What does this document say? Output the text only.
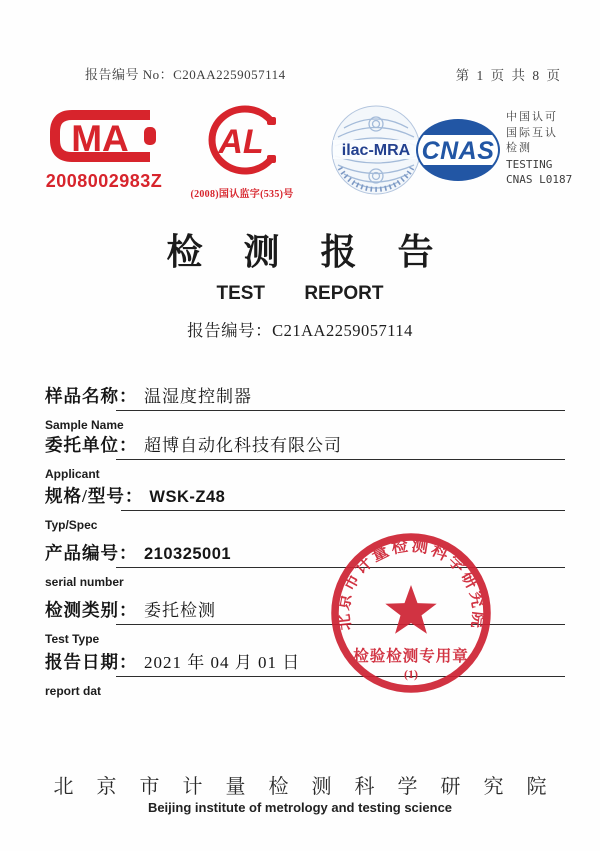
报告编号 No：C20AA2259057114	第 1 页 共 8 页
MA
2008002983Z
AL
(2008)国认监字(535)号
ilac-MRA CNAS
中国认可
国际互认
检测
TESTING
CNAS L0187
检 测 报 告
TEST REPORT
报告编号：C21AA2259057114
样品名称： 温湿度控制器
Sample Name
委托单位： 超博自动化科技有限公司
Applicant
规格/型号： WSK-Z48
Typ/Spec
产品编号： 210325001
serial number
检测类别： 委托检测
Test Type
报告日期： 2021 年 04 月 01 日
report dat
北京市计量检测科学研究院
检验检测专用章
(1)
北 京 市 计 量 检 测 科 学 研 究 院
Beijing institute of metrology and testing science
